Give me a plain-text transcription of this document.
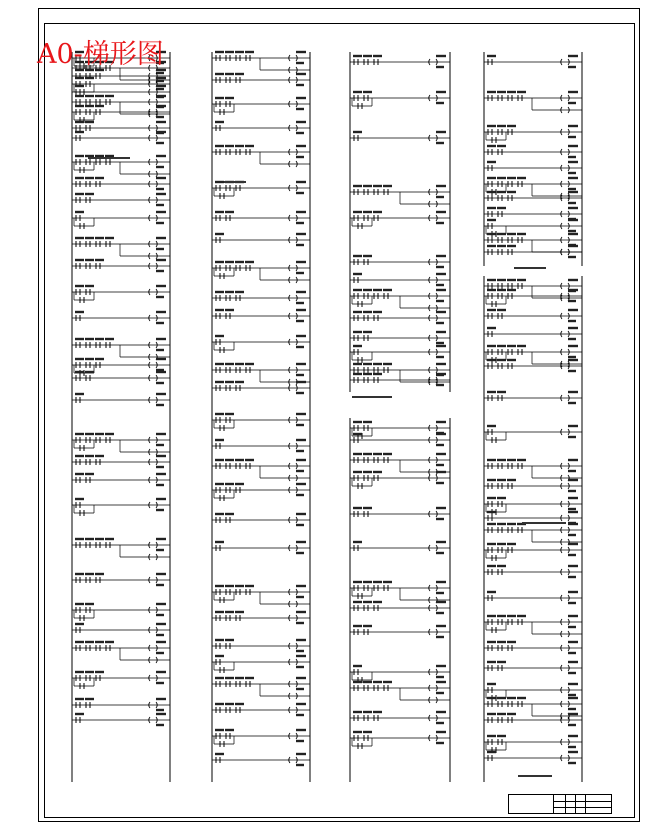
A0-梯形图
